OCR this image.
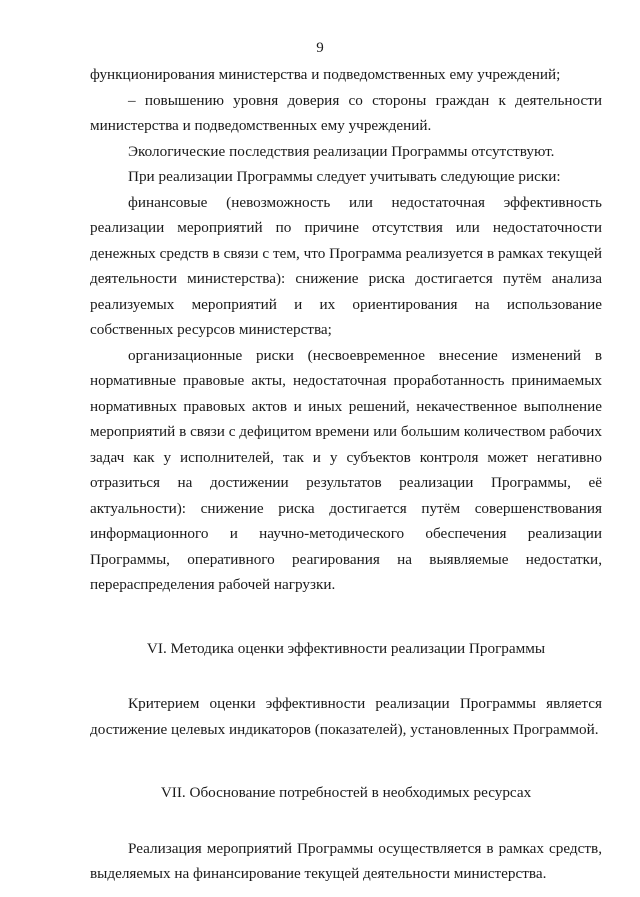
9

функционирования министерства и подведомственных ему учреждений;

– повышению уровня доверия со стороны граждан к деятельности министерства и подведомственных ему учреждений.

Экологические последствия реализации Программы отсутствуют.

При реализации Программы следует учитывать следующие риски:

финансовые (невозможность или недостаточная эффективность реализации мероприятий по причине отсутствия или недостаточности денежных средств в связи с тем, что Программа реализуется в рамках текущей деятельности министерства): снижение риска достигается путём анализа реализуемых мероприятий и их ориентирования на использование собственных ресурсов министерства;

организационные риски (несвоевременное внесение изменений в нормативные правовые акты, недостаточная проработанность принимаемых нормативных правовых актов и иных решений, некачественное выполнение мероприятий в связи с дефицитом времени или большим количеством рабочих задач как у исполнителей, так и у субъектов контроля может негативно отразиться на достижении результатов реализации Программы, её актуальности): снижение риска достигается путём совершенствования информационного и научно-методического обеспечения реализации Программы, оперативного реагирования на выявляемые недостатки, перераспределения рабочей нагрузки.

VI. Методика оценки эффективности реализации Программы

Критерием оценки эффективности реализации Программы является достижение целевых индикаторов (показателей), установленных Программой.

VII. Обоснование потребностей в необходимых ресурсах

Реализация мероприятий Программы осуществляется в рамках средств, выделяемых на финансирование текущей деятельности министерства.
